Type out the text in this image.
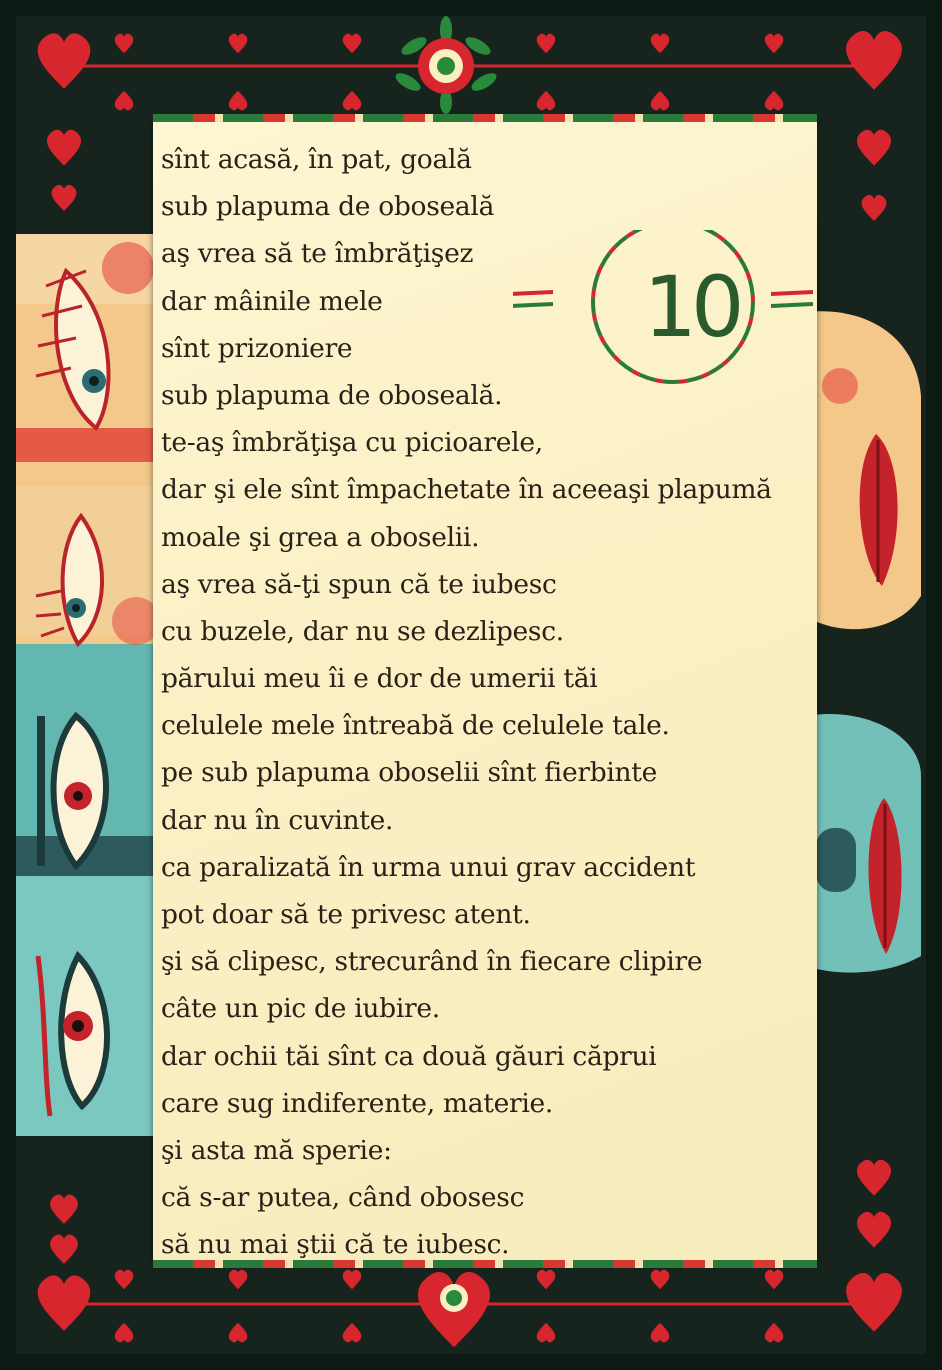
10
sînt acasă, în pat, goală
sub plapuma de oboseală
aş vrea să te îmbrăţişez
dar mâinile mele
sînt prizoniere
sub plapuma de oboseală.
te-aş îmbrăţişa cu picioarele,
dar şi ele sînt împachetate în aceeaşi plapumă
moale şi grea a oboselii.
aş vrea să-ţi spun că te iubesc
cu buzele, dar nu se dezlipesc.
părului meu îi e dor de umerii tăi
celulele mele întreabă de celulele tale.
pe sub plapuma oboselii sînt fierbinte
dar nu în cuvinte.
ca paralizată în urma unui grav accident
pot doar să te privesc atent.
şi să clipesc, strecurând în fiecare clipire
câte un pic de iubire.
dar ochii tăi sînt ca două găuri căprui
care sug indiferente, materie.
şi asta mă sperie:
că s-ar putea, când obosesc
să nu mai ştii că te iubesc.
